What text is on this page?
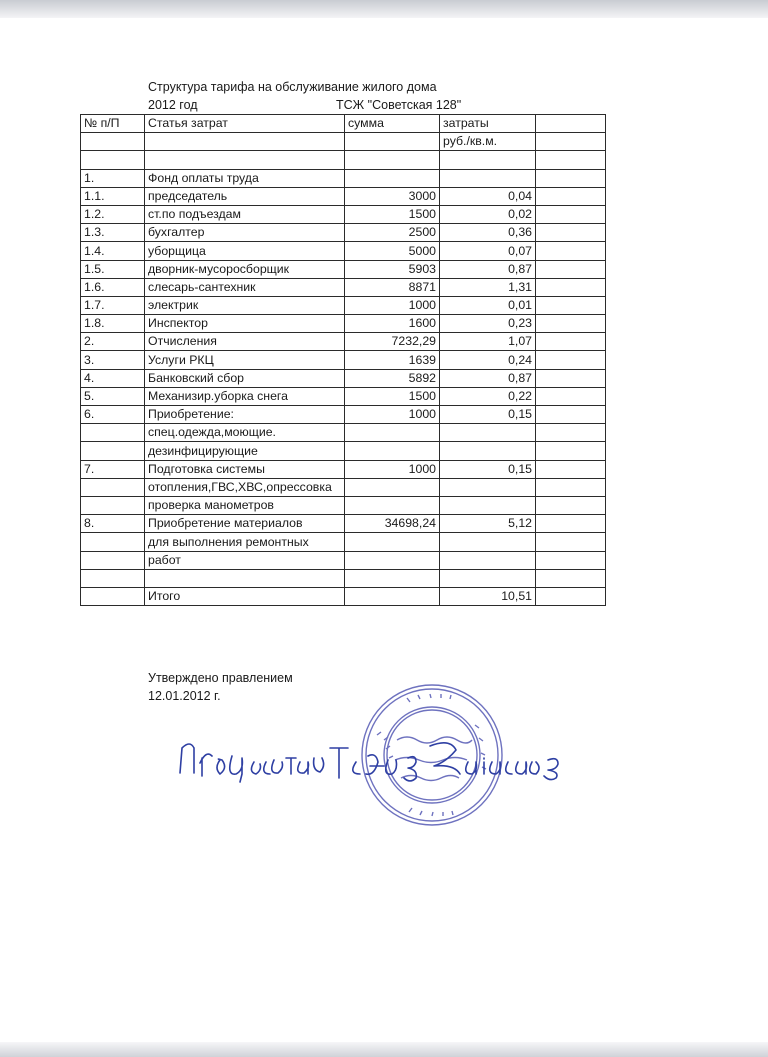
Структура тарифа на обслуживание жилого дома
2012 год	ТСЖ "Советская 128"
№ п/П	Статья затрат	сумма	затраты	
			руб./кв.м.	

1.	Фонд оплаты труда			
1.1.	председатель	3000	0,04	
1.2.	ст.по подъездам	1500	0,02	
1.3.	бухгалтер	2500	0,36	
1.4.	уборщица	5000	0,07	
1.5.	дворник-мусоросборщик	5903	0,87	
1.6.	слесарь-сантехник	8871	1,31	
1.7.	электрик	1000	0,01	
1.8.	Инспектор	1600	0,23	
2.	Отчисления	7232,29	1,07	
3.	Услуги РКЦ	1639	0,24	
4.	Банковский сбор	5892	0,87	
5.	Механизир.уборка снега	1500	0,22	
6.	Приобретение:	1000	0,15	
	спец.одежда,моющие.			
	дезинфицирующие			
7.	Подготовка системы	1000	0,15	
	отопления,ГВС,ХВС,опрессовка			
	проверка манометров			
8.	Приобретение материалов	34698,24	5,12	
	для выполнения ремонтных			
	работ			

	Итого		10,51	
Утверждено правлением
12.01.2012 г.
